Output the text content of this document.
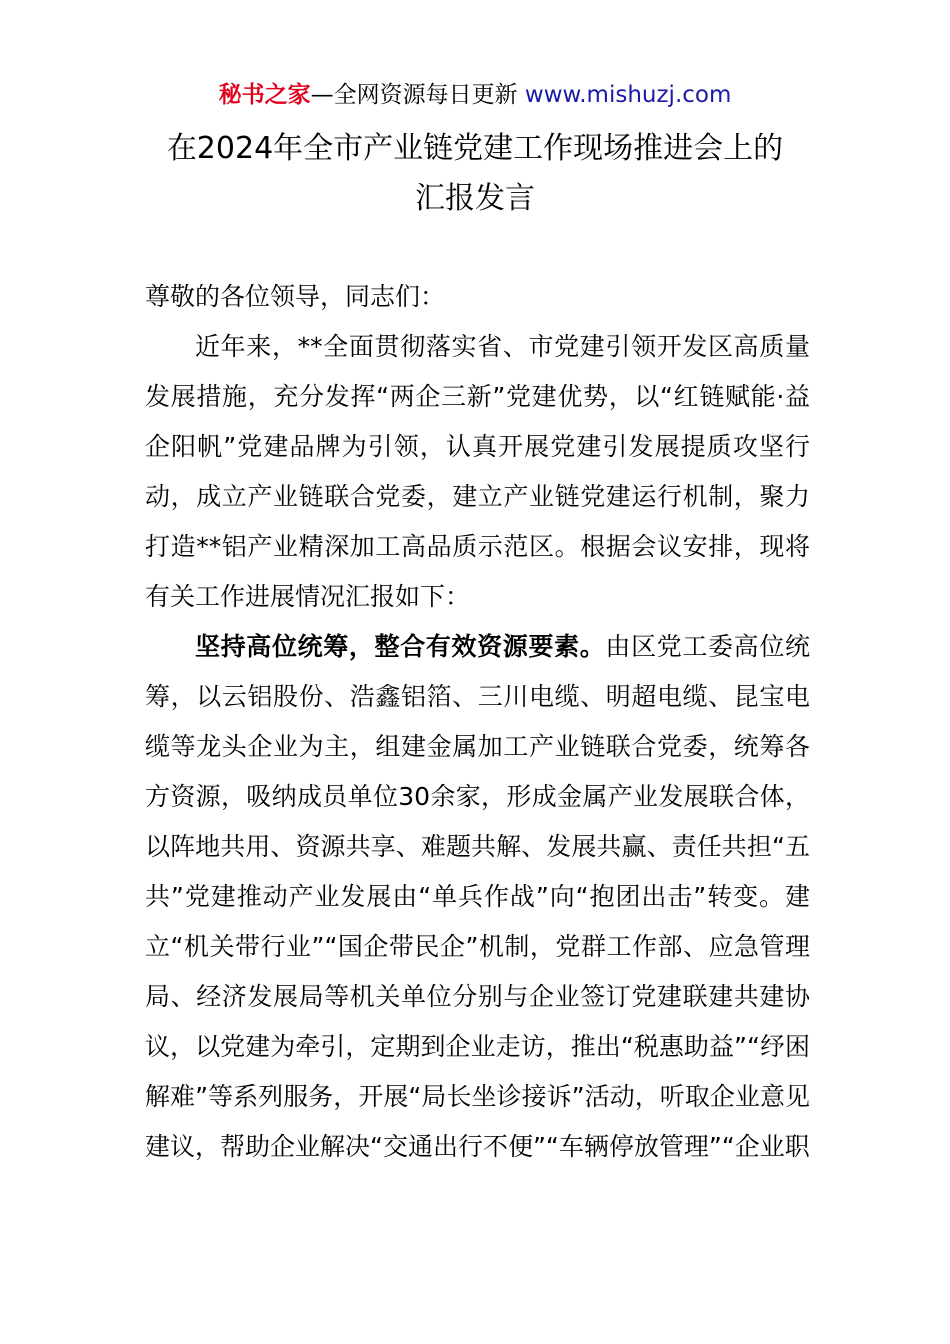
秘书之家—全网资源每日更新 www.mishuzj.com
在2024年全市产业链党建工作现场推进会上的
汇报发言

尊敬的各位领导，同志们：

近年来，**全面贯彻落实省、市党建引领开发区高质量发展措施，充分发挥“两企三新”党建优势，以“红链赋能·益企阳帆”党建品牌为引领，认真开展党建引发展提质攻坚行动，成立产业链联合党委，建立产业链党建运行机制，聚力打造**铝产业精深加工高品质示范区。根据会议安排，现将有关工作进展情况汇报如下：

坚持高位统筹，整合有效资源要素。由区党工委高位统筹，以云铝股份、浩鑫铝箔、三川电缆、明超电缆、昆宝电缆等龙头企业为主，组建金属加工产业链联合党委，统筹各方资源，吸纳成员单位30余家，形成金属产业发展联合体，以阵地共用、资源共享、难题共解、发展共赢、责任共担“五共”党建推动产业发展由“单兵作战”向“抱团出击”转变。建立“机关带行业”“国企带民企”机制，党群工作部、应急管理局、经济发展局等机关单位分别与企业签订党建联建共建协议，以党建为牵引，定期到企业走访，推出“税惠助益”“纾困解难”等系列服务，开展“局长坐诊接诉”活动，听取企业意见建议，帮助企业解决“交通出行不便”“车辆停放管理”“企业职
